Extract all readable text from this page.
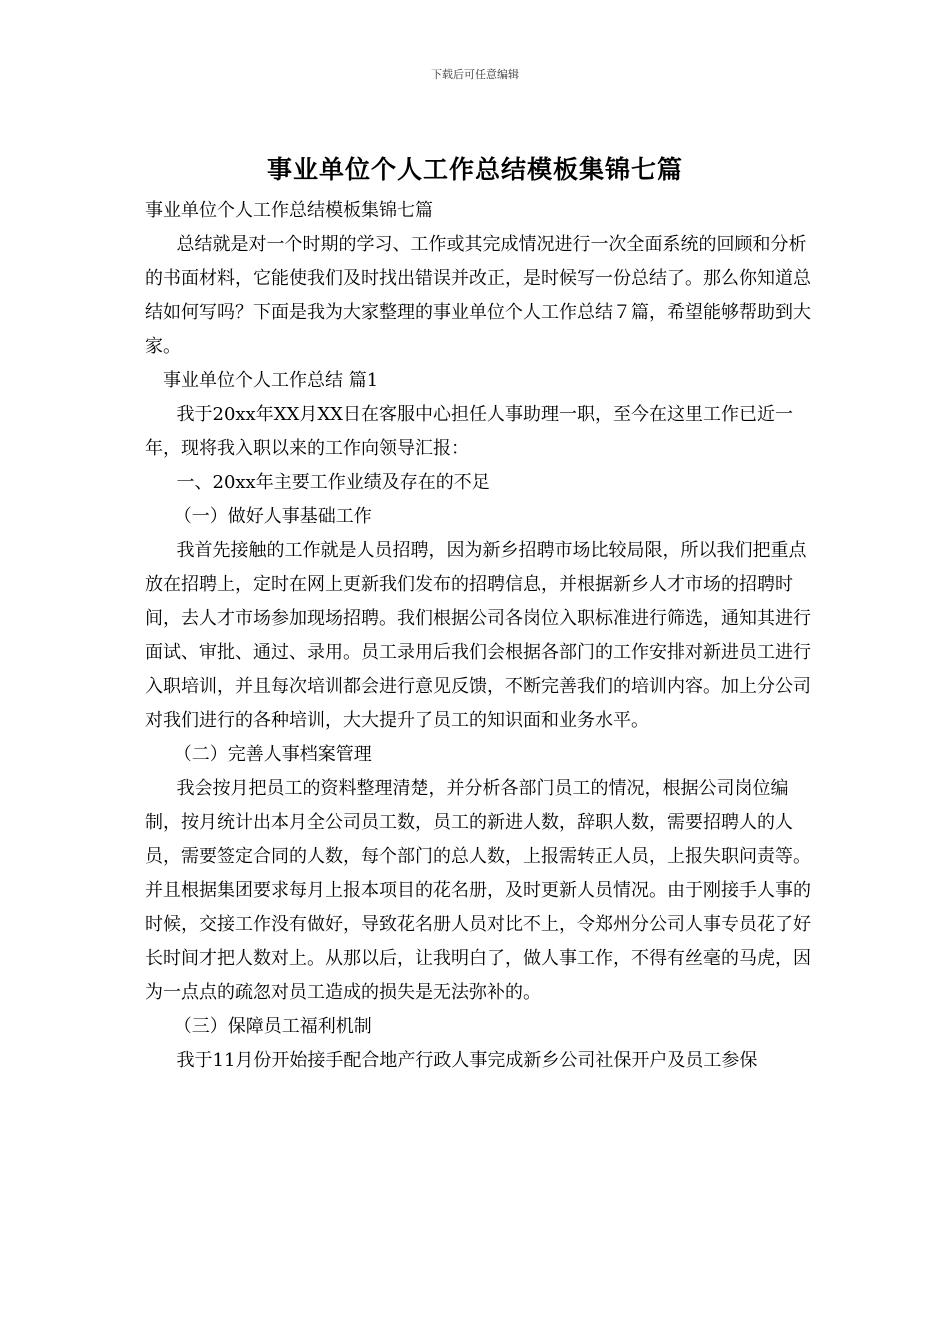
下载后可任意编辑
事业单位个人工作总结模板集锦七篇

事业单位个人工作总结模板集锦七篇

总结就是对一个时期的学习、工作或其完成情况进行一次全面系统的回顾和分析的书面材料，它能使我们及时找出错误并改正，是时候写一份总结了。那么你知道总结如何写吗？下面是我为大家整理的事业单位个人工作总结７篇，希望能够帮助到大家。

事业单位个人工作总结 篇1

我于20xx年XX月XX日在客服中心担任人事助理一职，至今在这里工作已近一年，现将我入职以来的工作向领导汇报：

一、20xx年主要工作业绩及存在的不足

（一）做好人事基础工作

我首先接触的工作就是人员招聘，因为新乡招聘市场比较局限，所以我们把重点放在招聘上，定时在网上更新我们发布的招聘信息，并根据新乡人才市场的招聘时间，去人才市场参加现场招聘。我们根据公司各岗位入职标准进行筛选，通知其进行面试、审批、通过、录用。员工录用后我们会根据各部门的工作安排对新进员工进行入职培训，并且每次培训都会进行意见反馈，不断完善我们的培训内容。加上分公司对我们进行的各种培训，大大提升了员工的知识面和业务水平。

（二）完善人事档案管理

我会按月把员工的资料整理清楚，并分析各部门员工的情况，根据公司岗位编制，按月统计出本月全公司员工数，员工的新进人数，辞职人数，需要招聘人的人员，需要签定合同的人数，每个部门的总人数，上报需转正人员，上报失职问责等。并且根据集团要求每月上报本项目的花名册，及时更新人员情况。由于刚接手人事的时候，交接工作没有做好，导致花名册人员对比不上，令郑州分公司人事专员花了好长时间才把人数对上。从那以后，让我明白了，做人事工作，不得有丝毫的马虎，因为一点点的疏忽对员工造成的损失是无法弥补的。

（三）保障员工福利机制

我于11月份开始接手配合地产行政人事完成新乡公司社保开户及员工参保
